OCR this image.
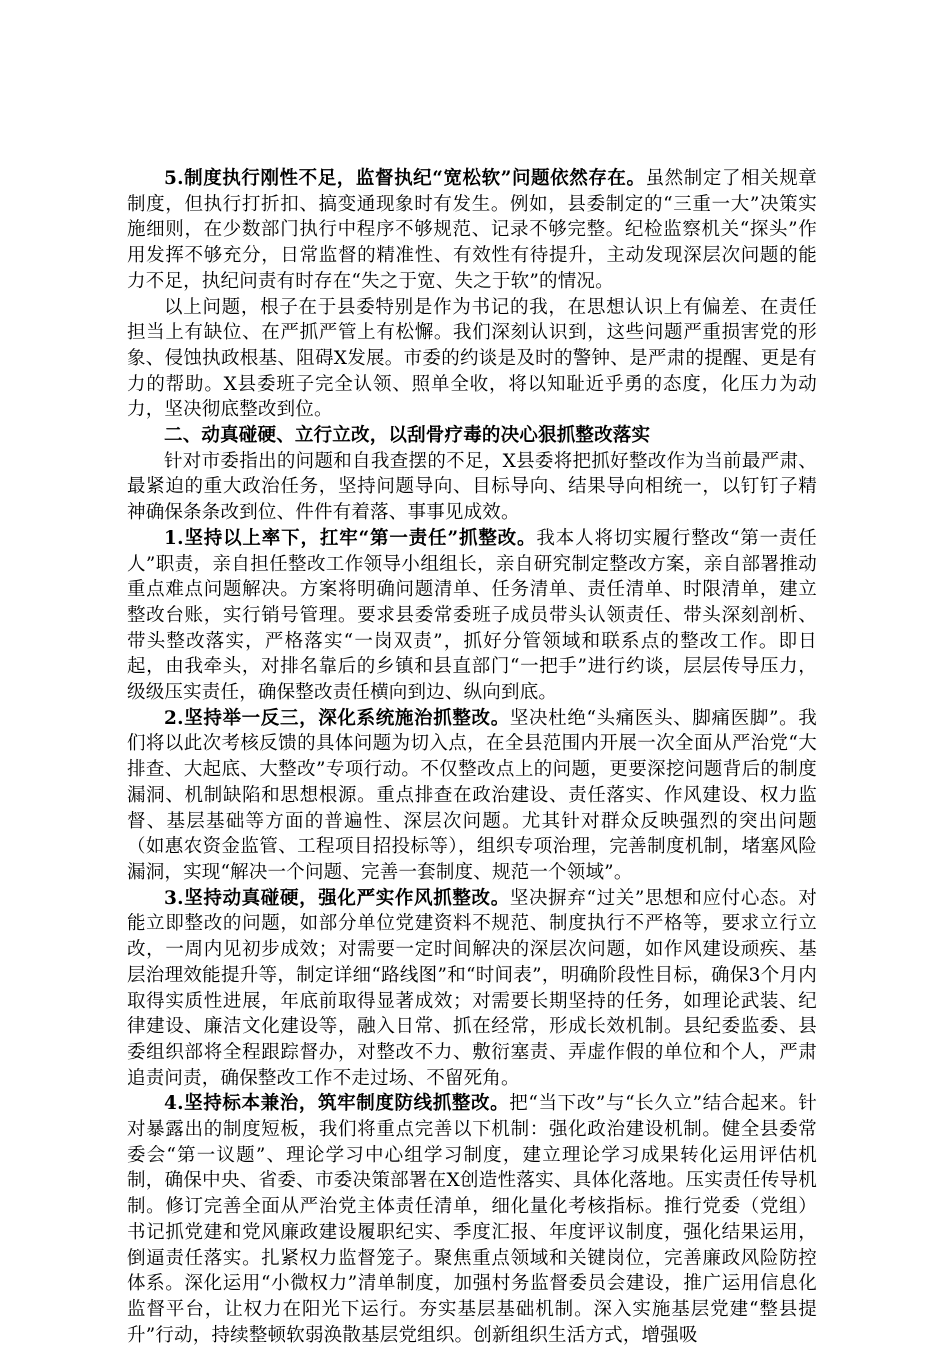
5.制度执行刚性不足，监督执纪“宽松软”问题依然存在。虽然制定了相关规章制度，但执行打折扣、搞变通现象时有发生。例如，县委制定的“三重一大”决策实施细则，在少数部门执行中程序不够规范、记录不够完整。纪检监察机关“探头”作用发挥不够充分，日常监督的精准性、有效性有待提升，主动发现深层次问题的能力不足，执纪问责有时存在“失之于宽、失之于软”的情况。

以上问题，根子在于县委特别是作为书记的我，在思想认识上有偏差、在责任担当上有缺位、在严抓严管上有松懈。我们深刻认识到，这些问题严重损害党的形象、侵蚀执政根基、阻碍X发展。市委的约谈是及时的警钟、是严肃的提醒、更是有力的帮助。X县委班子完全认领、照单全收，将以知耻近乎勇的态度，化压力为动力，坚决彻底整改到位。

二、动真碰硬、立行立改，以刮骨疗毒的决心狠抓整改落实

针对市委指出的问题和自我查摆的不足，X县委将把抓好整改作为当前最严肃、最紧迫的重大政治任务，坚持问题导向、目标导向、结果导向相统一，以钉钉子精神确保条条改到位、件件有着落、事事见成效。

1.坚持以上率下，扛牢“第一责任”抓整改。我本人将切实履行整改“第一责任人”职责，亲自担任整改工作领导小组组长，亲自研究制定整改方案，亲自部署推动重点难点问题解决。方案将明确问题清单、任务清单、责任清单、时限清单，建立整改台账，实行销号管理。要求县委常委班子成员带头认领责任、带头深刻剖析、带头整改落实，严格落实“一岗双责”，抓好分管领域和联系点的整改工作。即日起，由我牵头，对排名靠后的乡镇和县直部门“一把手”进行约谈，层层传导压力，级级压实责任，确保整改责任横向到边、纵向到底。

2.坚持举一反三，深化系统施治抓整改。坚决杜绝“头痛医头、脚痛医脚”。我们将以此次考核反馈的具体问题为切入点，在全县范围内开展一次全面从严治党“大排查、大起底、大整改”专项行动。不仅整改点上的问题，更要深挖问题背后的制度漏洞、机制缺陷和思想根源。重点排查在政治建设、责任落实、作风建设、权力监督、基层基础等方面的普遍性、深层次问题。尤其针对群众反映强烈的突出问题（如惠农资金监管、工程项目招投标等），组织专项治理，完善制度机制，堵塞风险漏洞，实现“解决一个问题、完善一套制度、规范一个领域”。

3.坚持动真碰硬，强化严实作风抓整改。坚决摒弃“过关”思想和应付心态。对能立即整改的问题，如部分单位党建资料不规范、制度执行不严格等，要求立行立改，一周内见初步成效；对需要一定时间解决的深层次问题，如作风建设顽疾、基层治理效能提升等，制定详细“路线图”和“时间表”，明确阶段性目标，确保3个月内取得实质性进展，年底前取得显著成效；对需要长期坚持的任务，如理论武装、纪律建设、廉洁文化建设等，融入日常、抓在经常，形成长效机制。县纪委监委、县委组织部将全程跟踪督办，对整改不力、敷衍塞责、弄虚作假的单位和个人，严肃追责问责，确保整改工作不走过场、不留死角。

4.坚持标本兼治，筑牢制度防线抓整改。把“当下改”与“长久立”结合起来。针对暴露出的制度短板，我们将重点完善以下机制：强化政治建设机制。健全县委常委会“第一议题”、理论学习中心组学习制度，建立理论学习成果转化运用评估机制，确保中央、省委、市委决策部署在X创造性落实、具体化落地。压实责任传导机制。修订完善全面从严治党主体责任清单，细化量化考核指标。推行党委（党组）书记抓党建和党风廉政建设履职纪实、季度汇报、年度评议制度，强化结果运用，倒逼责任落实。扎紧权力监督笼子。聚焦重点领域和关键岗位，完善廉政风险防控体系。深化运用“小微权力”清单制度，加强村务监督委员会建设，推广运用信息化监督平台，让权力在阳光下运行。夯实基层基础机制。深入实施基层党建“整县提升”行动，持续整顿软弱涣散基层党组织。创新组织生活方式，增强吸
